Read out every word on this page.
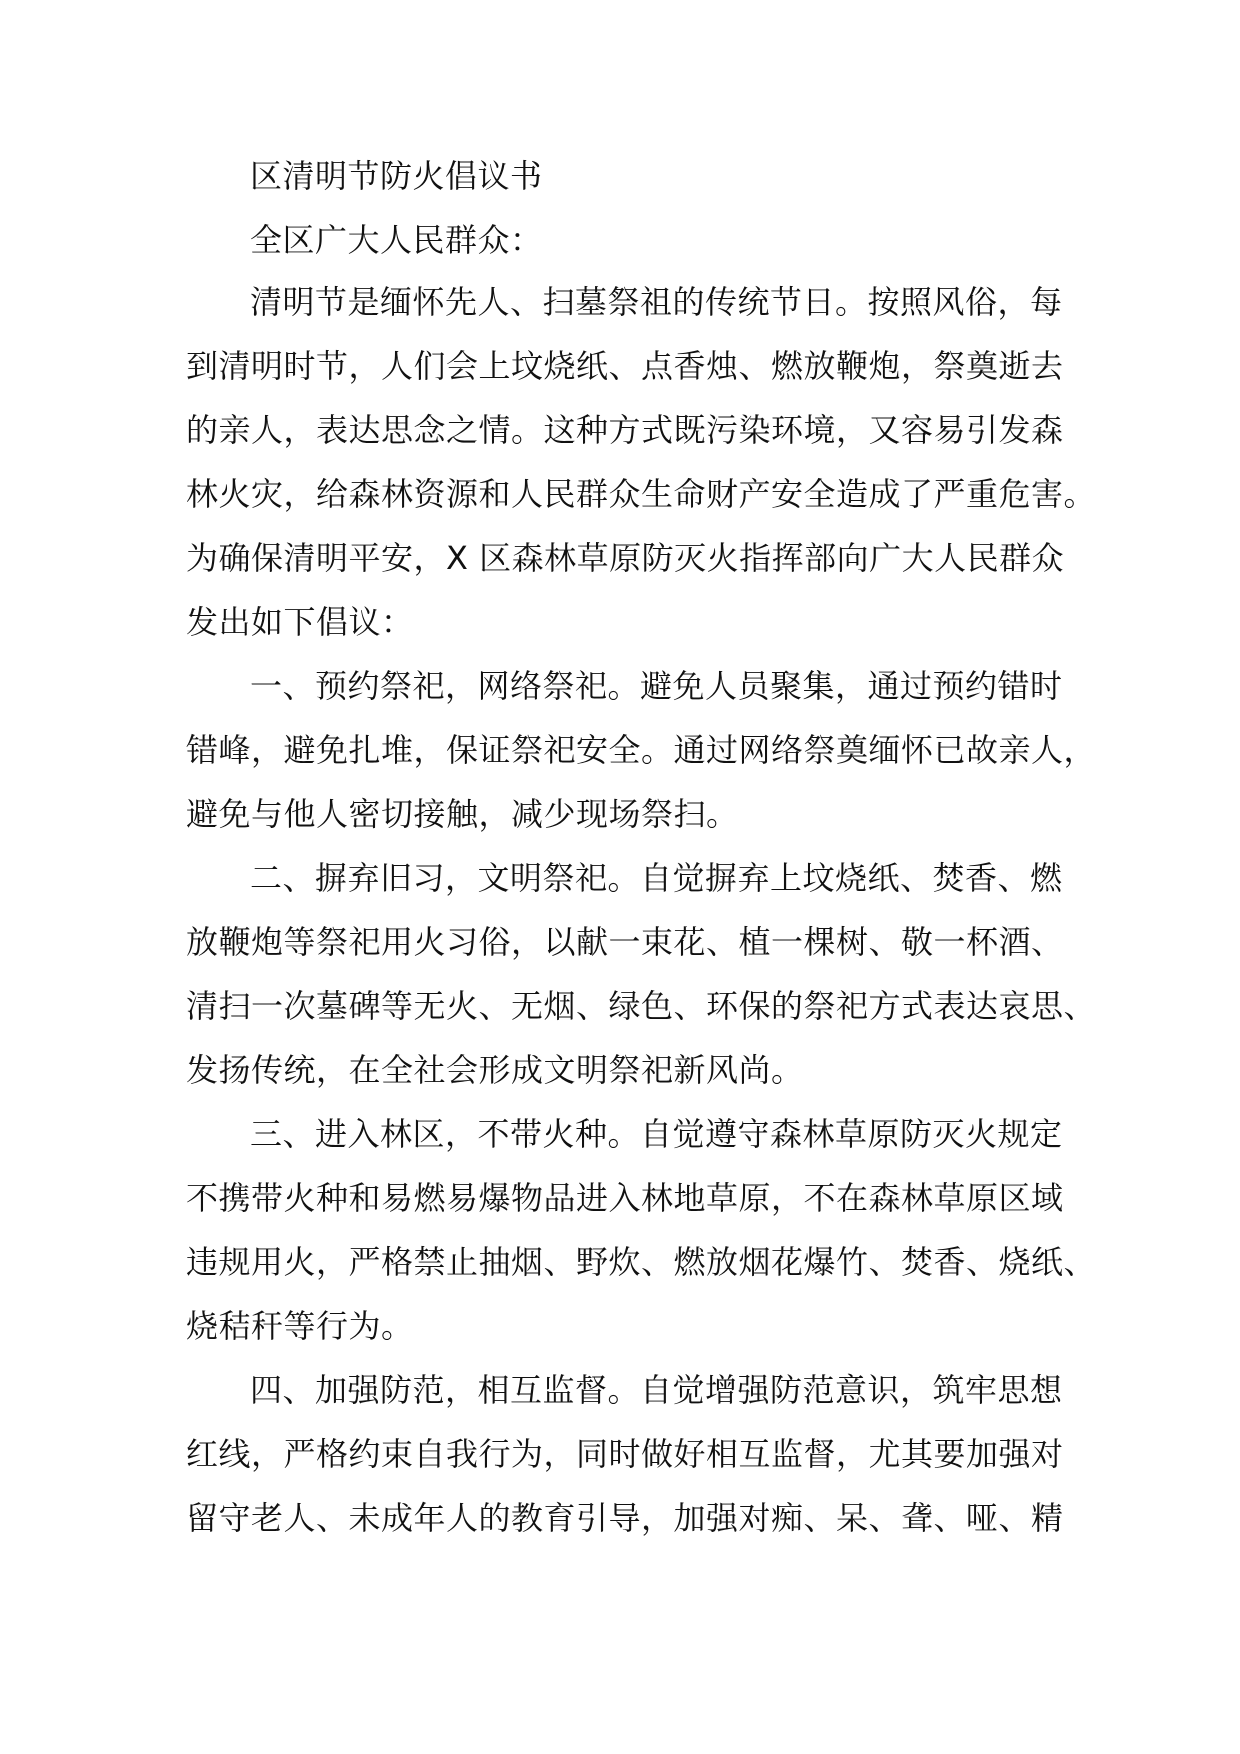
区清明节防火倡议书
全区广大人民群众：
清明节是缅怀先人、扫墓祭祖的传统节日。按照风俗，每
到清明时节，人们会上坟烧纸、点香烛、燃放鞭炮，祭奠逝去
的亲人，表达思念之情。这种方式既污染环境，又容易引发森
林火灾，给森林资源和人民群众生命财产安全造成了严重危害。
为确保清明平安，X 区森林草原防灭火指挥部向广大人民群众
发出如下倡议：
一、预约祭祀，网络祭祀。避免人员聚集，通过预约错时
错峰，避免扎堆，保证祭祀安全。通过网络祭奠缅怀已故亲人，
避免与他人密切接触，减少现场祭扫。
二、摒弃旧习，文明祭祀。自觉摒弃上坟烧纸、焚香、燃
放鞭炮等祭祀用火习俗，以献一束花、植一棵树、敬一杯酒、
清扫一次墓碑等无火、无烟、绿色、环保的祭祀方式表达哀思、
发扬传统，在全社会形成文明祭祀新风尚。
三、进入林区，不带火种。自觉遵守森林草原防灭火规定
不携带火种和易燃易爆物品进入林地草原，不在森林草原区域
违规用火，严格禁止抽烟、野炊、燃放烟花爆竹、焚香、烧纸、
烧秸秆等行为。
四、加强防范，相互监督。自觉增强防范意识，筑牢思想
红线，严格约束自我行为，同时做好相互监督，尤其要加强对
留守老人、未成年人的教育引导，加强对痴、呆、聋、哑、精
